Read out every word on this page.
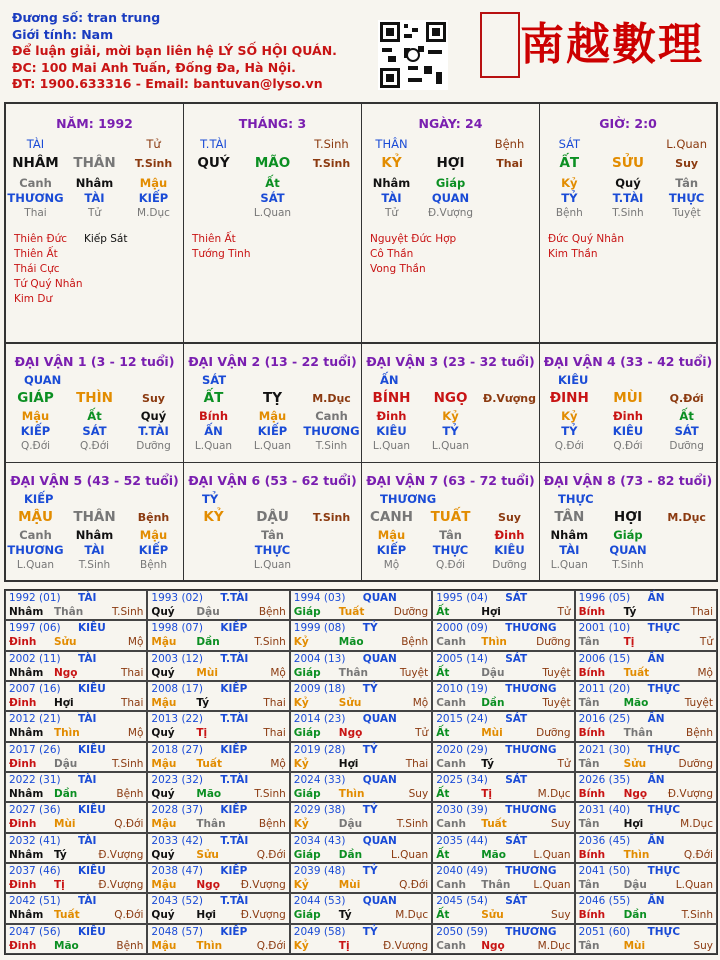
Đương số: tran trung
Giới tính: Nam
Để luận giải, mời bạn liên hệ LÝ SỐ HỘI QUÁN.
ĐC: 100 Mai Anh Tuấn, Đống Đa, Hà Nội.
ĐT: 1900.633316 - Email: bantuvan@lyso.vn
南越數理
NĂM: 1992
TÀI	Tử
NHÂM	THÂN	T.Sinh
Canh	Nhâm	Mậu
THƯƠNG	TÀI	KIẾP
Thai	Tử	M.Dục
Thiên Đức
Thiên Ất
Thái Cực
Tứ Quý Nhân
Kim Dư
Kiếp Sát
THÁNG: 3
T.TÀI	T.Sinh
QUÝ	MÃO	T.Sinh
Ất
SÁT
L.Quan
Thiên Ất
Tướng Tinh
NGÀY: 24
THÂN	Bệnh
KỶ	HỢI	Thai
Nhâm	Giáp
TÀI	QUAN
Tử	Đ.Vượng
Nguyệt Đức Hợp
Cô Thần
Vong Thần
GIỜ: 2:0
SÁT	L.Quan
ẤT	SỬU	Suy
Kỷ	Quý	Tân
TỶ	T.TÀI	THỰC
Bệnh	T.Sinh	Tuyệt
Đức Quý Nhân
Kim Thần
ĐẠI VẬN 1 (3 - 12 tuổi)
QUAN
GIÁP	THÌN	Suy
Mậu	Ất	Quý
KIẾP	SÁT	T.TÀI
Q.Đới	Q.Đới	Dưỡng
ĐẠI VẬN 2 (13 - 22 tuổi)
SÁT
ẤT	TỴ	M.Dục
Bính	Mậu	Canh
ẤN	KIẾP	THƯƠNG
L.Quan	L.Quan	T.Sinh
ĐẠI VẬN 3 (23 - 32 tuổi)
ẤN
BÍNH	NGỌ	Đ.Vượng
Đinh	Kỷ
KIÊU	TỶ
L.Quan	L.Quan
ĐẠI VẬN 4 (33 - 42 tuổi)
KIÊU
ĐINH	MÙI	Q.Đới
Kỷ	Đinh	Ất
TỶ	KIÊU	SÁT
Q.Đới	Q.Đới	Dưỡng
ĐẠI VẬN 5 (43 - 52 tuổi)
KIẾP
MẬU	THÂN	Bệnh
Canh	Nhâm	Mậu
THƯƠNG	TÀI	KIẾP
L.Quan	T.Sinh	Bệnh
ĐẠI VẬN 6 (53 - 62 tuổi)
TỶ
KỶ	DẬU	T.Sinh
Tân
THỰC
L.Quan
ĐẠI VẬN 7 (63 - 72 tuổi)
THƯƠNG
CANH	TUẤT	Suy
Mậu	Tân	Đinh
KIẾP	THỰC	KIÊU
Mộ	Q.Đới	Dưỡng
ĐẠI VẬN 8 (73 - 82 tuổi)
THỰC
TÂN	HỢI	M.Dục
Nhâm	Giáp
TÀI	QUAN
L.Quan	T.Sinh
1992 (01) TÀI
Nhâm Thân	T.Sinh
1993 (02) T.TÀI
Quý Dậu	Bệnh
1994 (03) QUAN
Giáp Tuất	Dưỡng
1995 (04) SÁT
Ất	Hợi	Tử
1996 (05) ẤN
Bính Tý	Thai
1997 (06) KIÊU
Đinh Sửu	Mộ
1998 (07) KIẾP
Mậu Dần	T.Sinh
1999 (08) TỶ
Kỷ	Mão	Bệnh
2000 (09) THƯƠNG
Canh Thìn	Dưỡng
2001 (10) THỰC
Tân Tị	Tử
2002 (11) TÀI
Nhâm Ngọ	Thai
2003 (12) T.TÀI
Quý Mùi	Mộ
2004 (13) QUAN
Giáp Thân	Tuyệt
2005 (14) SÁT
Ất	Dậu	Tuyệt
2006 (15) ẤN
Bính Tuất	Mộ
2007 (16) KIÊU
Đinh Hợi	Thai
2008 (17) KIẾP
Mậu Tý	Thai
2009 (18) TỶ
Kỷ	Sửu	Mộ
2010 (19) THƯƠNG
Canh Dần	Tuyệt
2011 (20) THỰC
Tân Mão	Tuyệt
2012 (21) TÀI
Nhâm Thìn	Mộ
2013 (22) T.TÀI
Quý Tị	Thai
2014 (23) QUAN
Giáp Ngọ	Tử
2015 (24) SÁT
Ất	Mùi	Dưỡng
2016 (25) ẤN
Bính Thân	Bệnh
2017 (26) KIÊU
Đinh Dậu	T.Sinh
2018 (27) KIẾP
Mậu Tuất	Mộ
2019 (28) TỶ
Kỷ	Hợi	Thai
2020 (29) THƯƠNG
Canh Tý	Tử
2021 (30) THỰC
Tân Sửu	Dưỡng
2022 (31) TÀI
Nhâm Dần	Bệnh
2023 (32) T.TÀI
Quý Mão	T.Sinh
2024 (33) QUAN
Giáp Thìn	Suy
2025 (34) SÁT
Ất	Tị	M.Dục
2026 (35) ẤN
Bính Ngọ Đ.Vượng
2027 (36) KIÊU
Đinh Mùi	Q.Đới
2028 (37) KIẾP
Mậu Thân	Bệnh
2029 (38) TỶ
Kỷ	Dậu	T.Sinh
2030 (39) THƯƠNG
Canh Tuất	Suy
2031 (40) THỰC
Tân Hợi	M.Dục
2032 (41) TÀI
Nhâm Tý	Đ.Vượng
2033 (42) T.TÀI
Quý Sửu	Q.Đới
2034 (43) QUAN
Giáp Dần	L.Quan
2035 (44) SÁT
Ất	Mão	L.Quan
2036 (45) ẤN
Bính Thìn	Q.Đới
2037 (46) KIÊU
Đinh Tị	Đ.Vượng
2038 (47) KIẾP
Mậu Ngọ Đ.Vượng
2039 (48) TỶ
Kỷ	Mùi	Q.Đới
2040 (49) THƯƠNG
Canh Thân L.Quan
2041 (50) THỰC
Tân Dậu	L.Quan
2042 (51) TÀI
Nhâm Tuất	Q.Đới
2043 (52) T.TÀI
Quý Hợi Đ.Vượng
2044 (53) QUAN
Giáp Tý	M.Dục
2045 (54) SÁT
Ất	Sửu	Suy
2046 (55) ẤN
Bính Dần	T.Sinh
2047 (56) KIÊU
Đinh Mão	Bệnh
2048 (57) KIẾP
Mậu Thìn	Q.Đới
2049 (58) TỶ
Kỷ	Tị	Đ.Vượng
2050 (59) THƯƠNG
Canh Ngọ	M.Dục
2051 (60) THỰC
Tân Mùi	Suy
